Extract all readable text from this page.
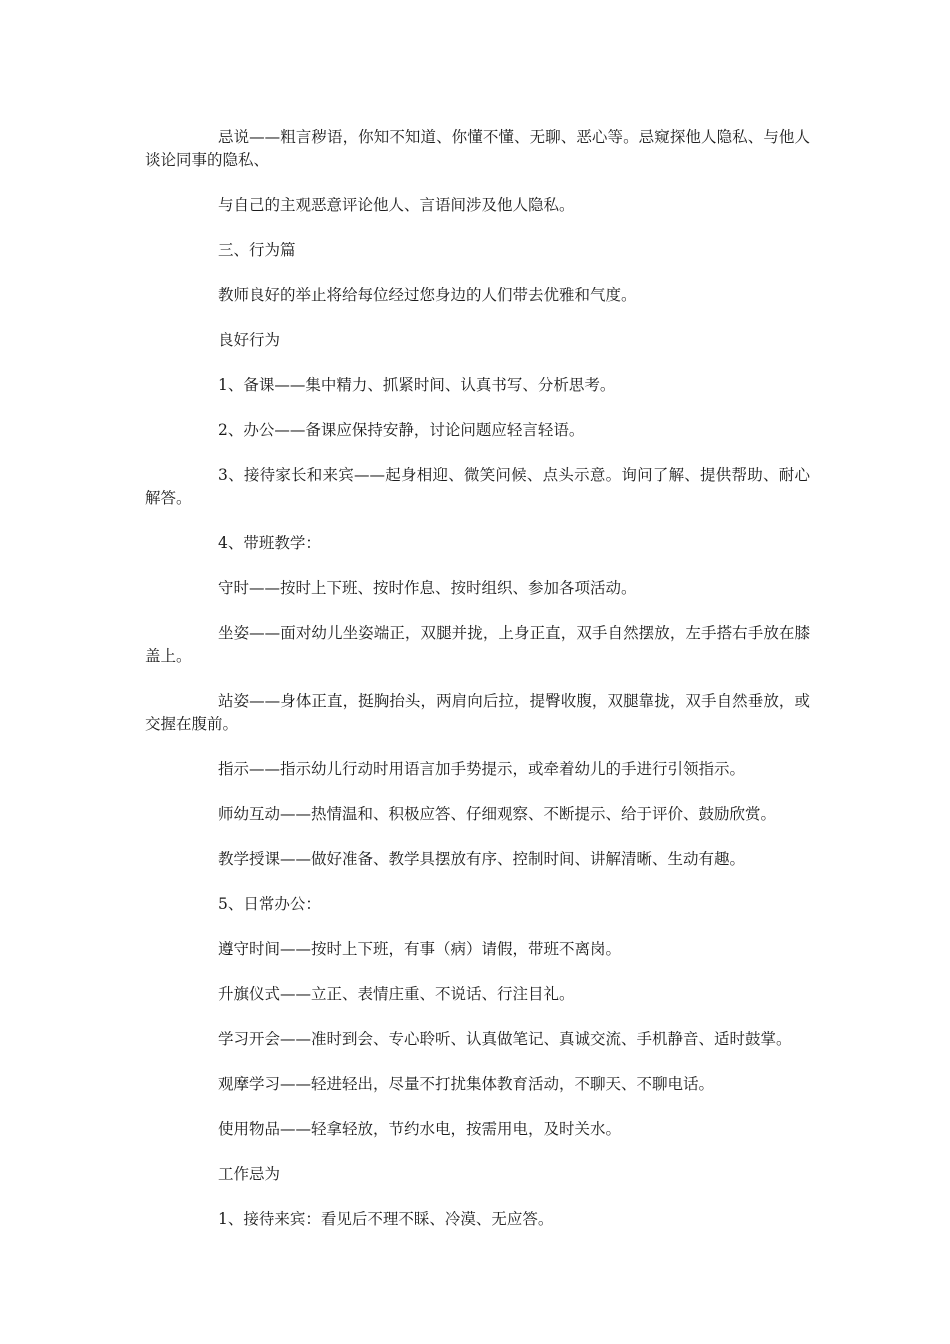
忌说——粗言秽语，你知不知道、你懂不懂、无聊、恶心等。忌窥探他人隐私、与他人谈论同事的隐私、

与自己的主观恶意评论他人、言语间涉及他人隐私。

三、行为篇

教师良好的举止将给每位经过您身边的人们带去优雅和气度。

良好行为

1、备课——集中精力、抓紧时间、认真书写、分析思考。

2、办公——备课应保持安静，讨论问题应轻言轻语。

3、接待家长和来宾——起身相迎、微笑问候、点头示意。询问了解、提供帮助、耐心解答。

4、带班教学：

守时——按时上下班、按时作息、按时组织、参加各项活动。

坐姿——面对幼儿坐姿端正，双腿并拢，上身正直，双手自然摆放，左手搭右手放在膝盖上。

站姿——身体正直，挺胸抬头，两肩向后拉，提臀收腹，双腿靠拢，双手自然垂放，或交握在腹前。

指示——指示幼儿行动时用语言加手势提示，或牵着幼儿的手进行引领指示。

师幼互动——热情温和、积极应答、仔细观察、不断提示、给于评价、鼓励欣赏。

教学授课——做好准备、教学具摆放有序、控制时间、讲解清晰、生动有趣。

5、日常办公：

遵守时间——按时上下班，有事（病）请假，带班不离岗。

升旗仪式——立正、表情庄重、不说话、行注目礼。

学习开会——准时到会、专心聆听、认真做笔记、真诚交流、手机静音、适时鼓掌。

观摩学习——轻进轻出，尽量不打扰集体教育活动，不聊天、不聊电话。

使用物品——轻拿轻放，节约水电，按需用电，及时关水。

工作忌为

1、接待来宾：看见后不理不睬、冷漠、无应答。
